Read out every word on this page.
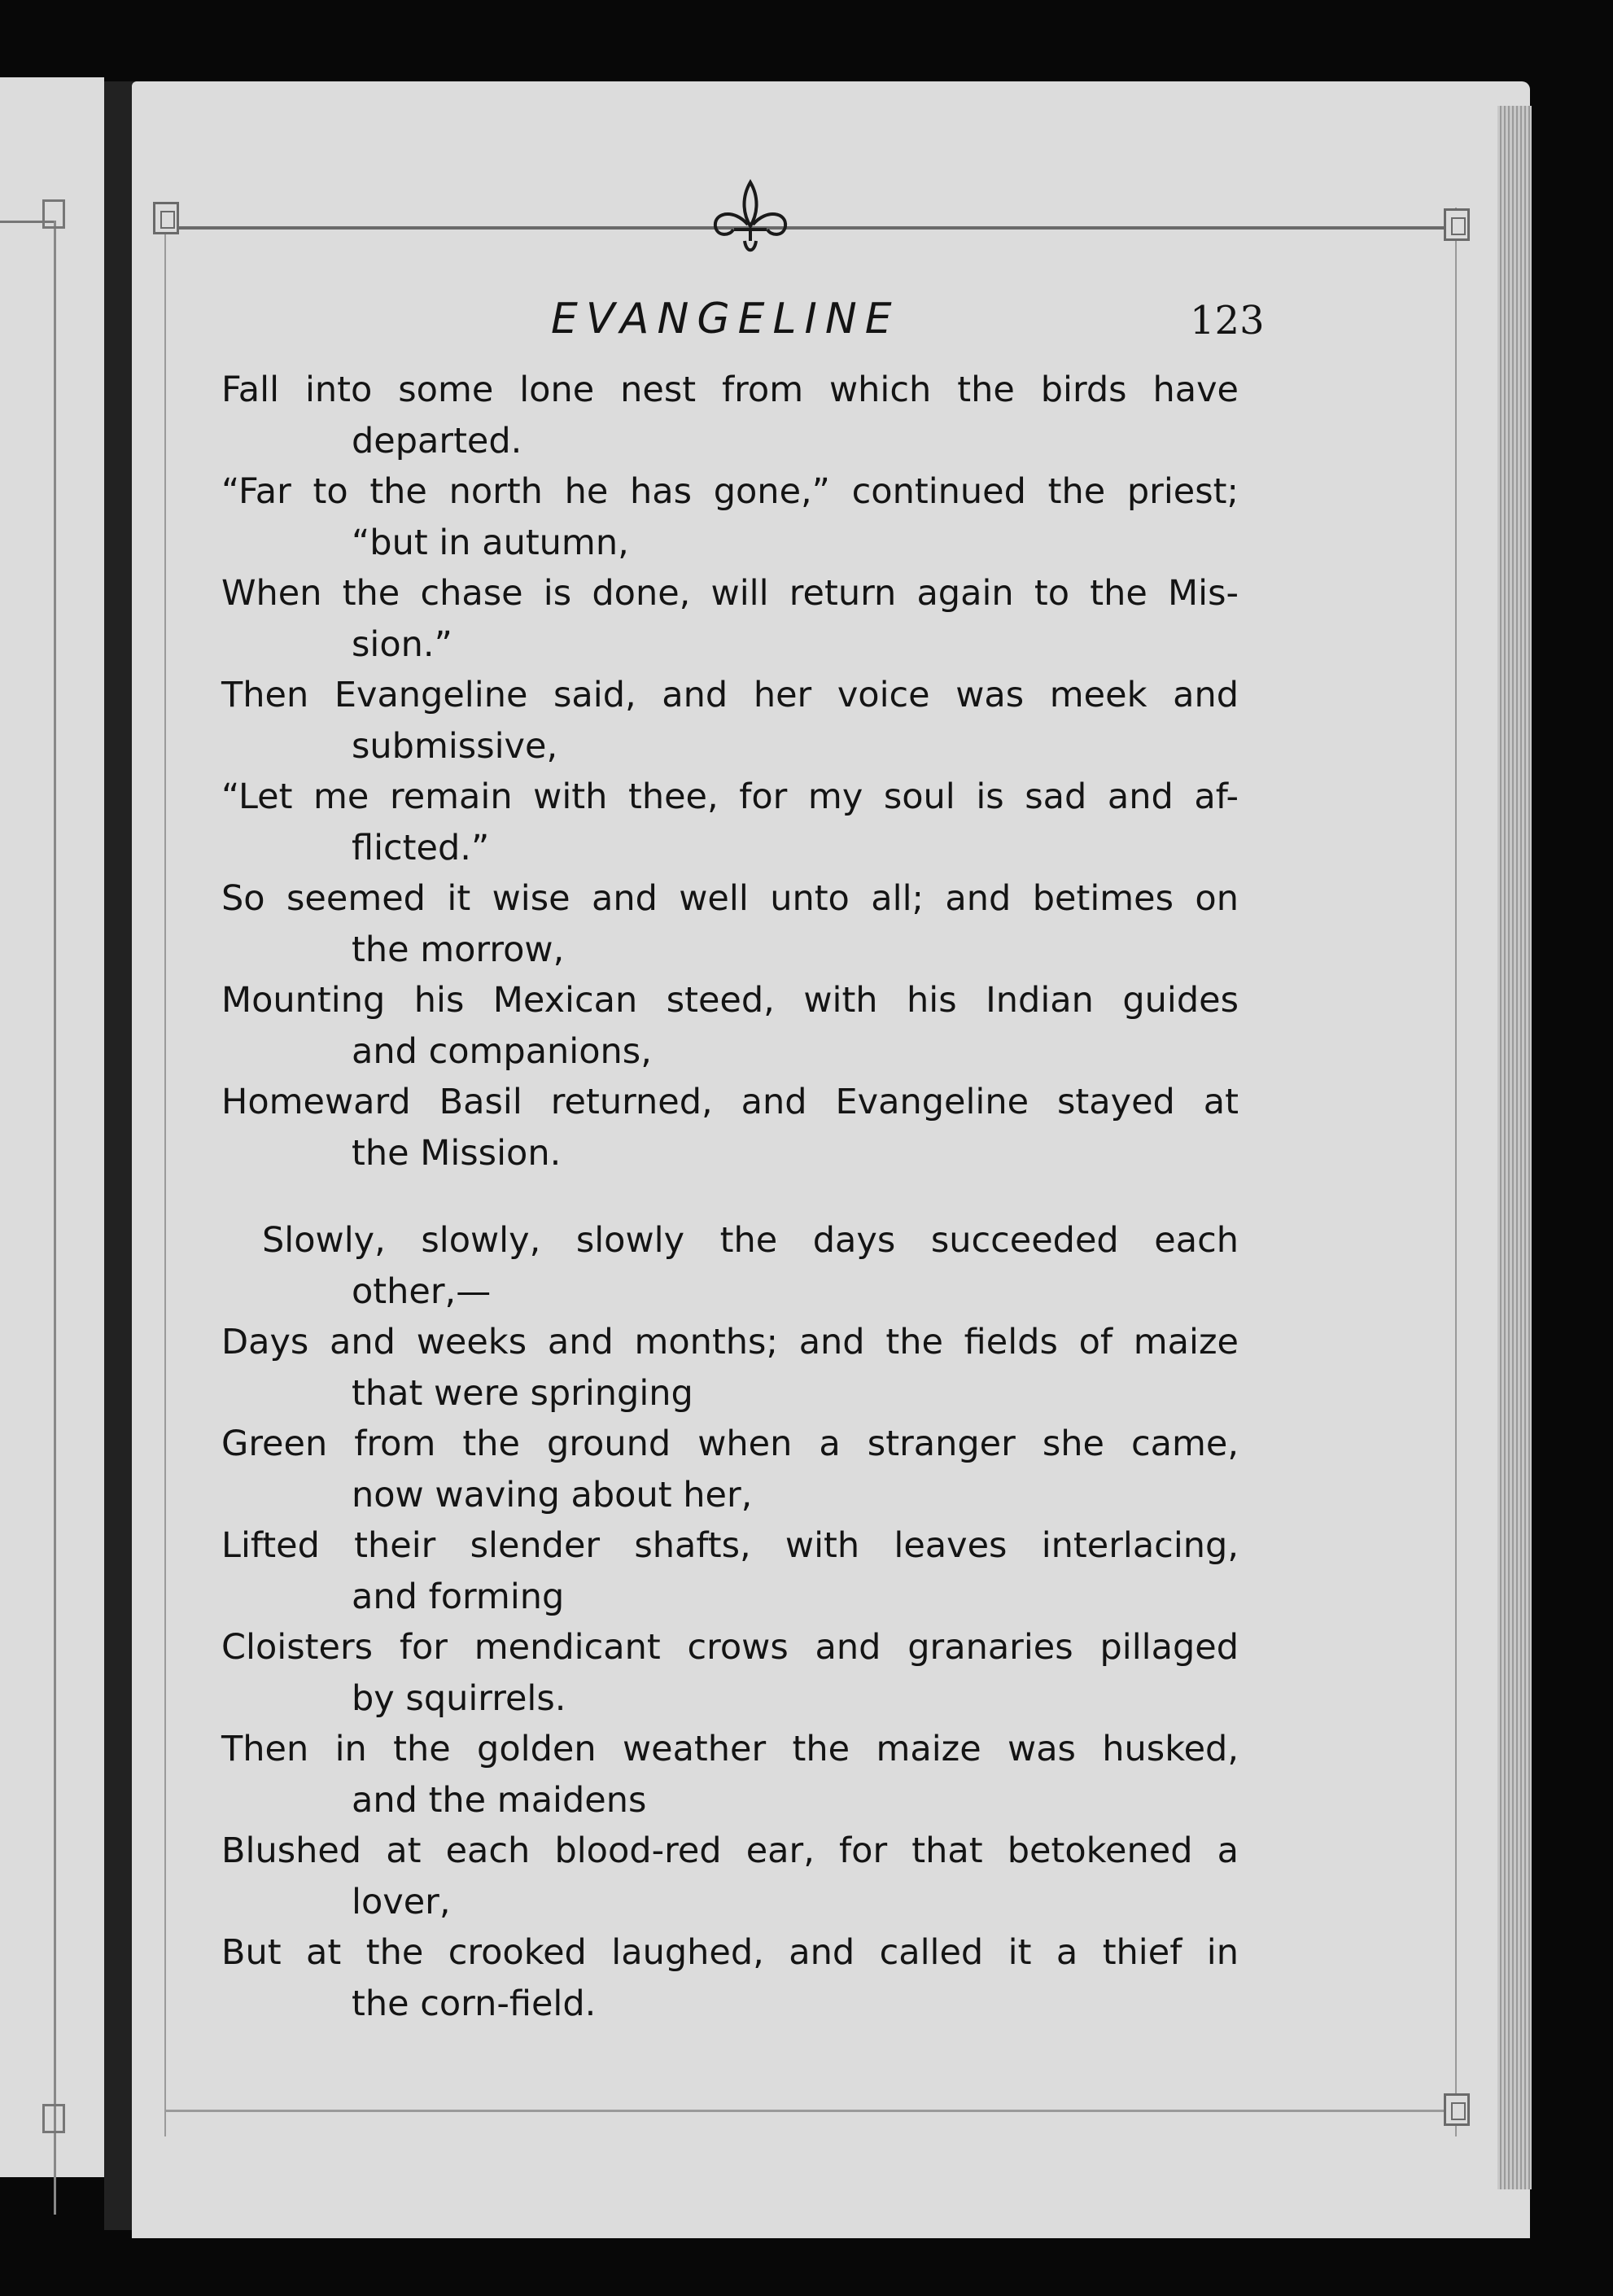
EVANGELINE	123

Fall into some lone nest from which the birds have
departed.

“Far to the north he has gone,” continued the priest;
“but in autumn,

When the chase is done, will return again to the Mis-
sion.”

Then Evangeline said, and her voice was meek and
submissive,

“Let me remain with thee, for my soul is sad and af-
flicted.”

So seemed it wise and well unto all; and betimes on
the morrow,

Mounting his Mexican steed, with his Indian guides
and companions,

Homeward Basil returned, and Evangeline stayed at
the Mission.

Slowly, slowly, slowly the days succeeded each
other,—

Days and weeks and months; and the fields of maize
that were springing

Green from the ground when a stranger she came,
now waving about her,

Lifted their slender shafts, with leaves interlacing,
and forming

Cloisters for mendicant crows and granaries pillaged
by squirrels.

Then in the golden weather the maize was husked,
and the maidens

Blushed at each blood-red ear, for that betokened a
lover,

But at the crooked laughed, and called it a thief in
the corn-field.
